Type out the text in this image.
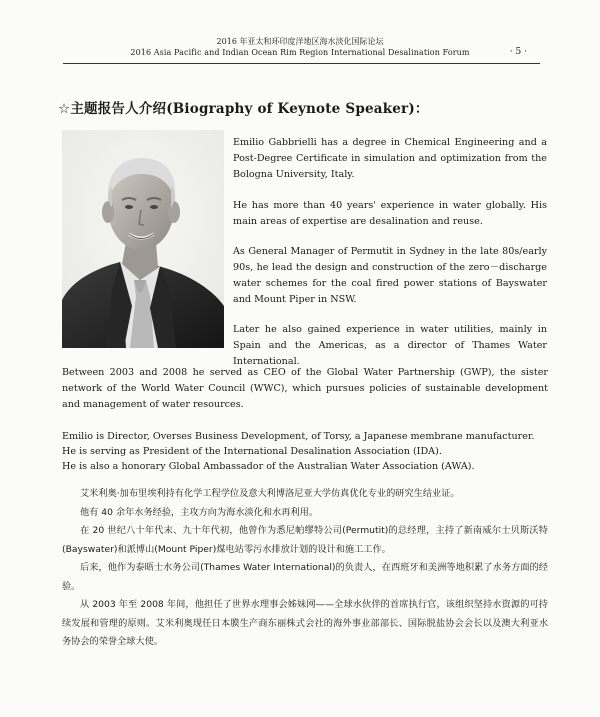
2016 年亚太和环印度洋地区海水淡化国际论坛
2016 Asia Pacific and Indian Ocean Rim Region International Desalination Forum	· 5 ·
☆主题报告人介绍(Biography of Keynote Speaker)：
Emilio Gabbrielli has a degree in Chemical Engineering and a Post-Degree Certificate in simulation and optimization from the Bologna University, Italy.
He has more than 40 years' experience in water globally. His main areas of expertise are desalination and reuse.
As General Manager of Permutit in Sydney in the late 80s/early 90s, he lead the design and construction of the zero－discharge water schemes for the coal fired power stations of Bayswater and Mount Piper in NSW.
Later he also gained experience in water utilities, mainly in Spain and the Americas, as a director of Thames Water International.
Between 2003 and 2008 he served as CEO of the Global Water Partnership (GWP), the sister network of the World Water Council (WWC), which pursues policies of sustainable development and management of water resources.
Emilio is Director, Overses Business Development, of Torsy, a Japanese membrane manufacturer.
He is serving as President of the International Desalination Association (IDA).
He is also a honorary Global Ambassador of the Australian Water Association (AWA).

艾米利奥·加布里埃利持有化学工程学位及意大利博洛尼亚大学仿真优化专业的研究生结业证。

他有 40 余年水务经验，主攻方向为海水淡化和水再利用。

在 20 世纪八十年代末、九十年代初，他曾作为悉尼帕缪特公司(Permutit)的总经理，主持了新南威尔士贝斯沃特(Bayswater)和派博山(Mount Piper)煤电站零污水排放计划的设计和施工工作。

后来，他作为泰晤士水务公司(Thames Water International)的负责人，在西班牙和美洲等地积累了水务方面的经验。

从 2003 年至 2008 年间，他担任了世界水理事会姊妹网——全球水伙伴的首席执行官，该组织坚持水资源的可持续发展和管理的原则。艾米利奥现任日本膜生产商东丽株式会社的海外事业部部长、国际脱盐协会会长以及澳大利亚水务协会的荣誉全球大使。
